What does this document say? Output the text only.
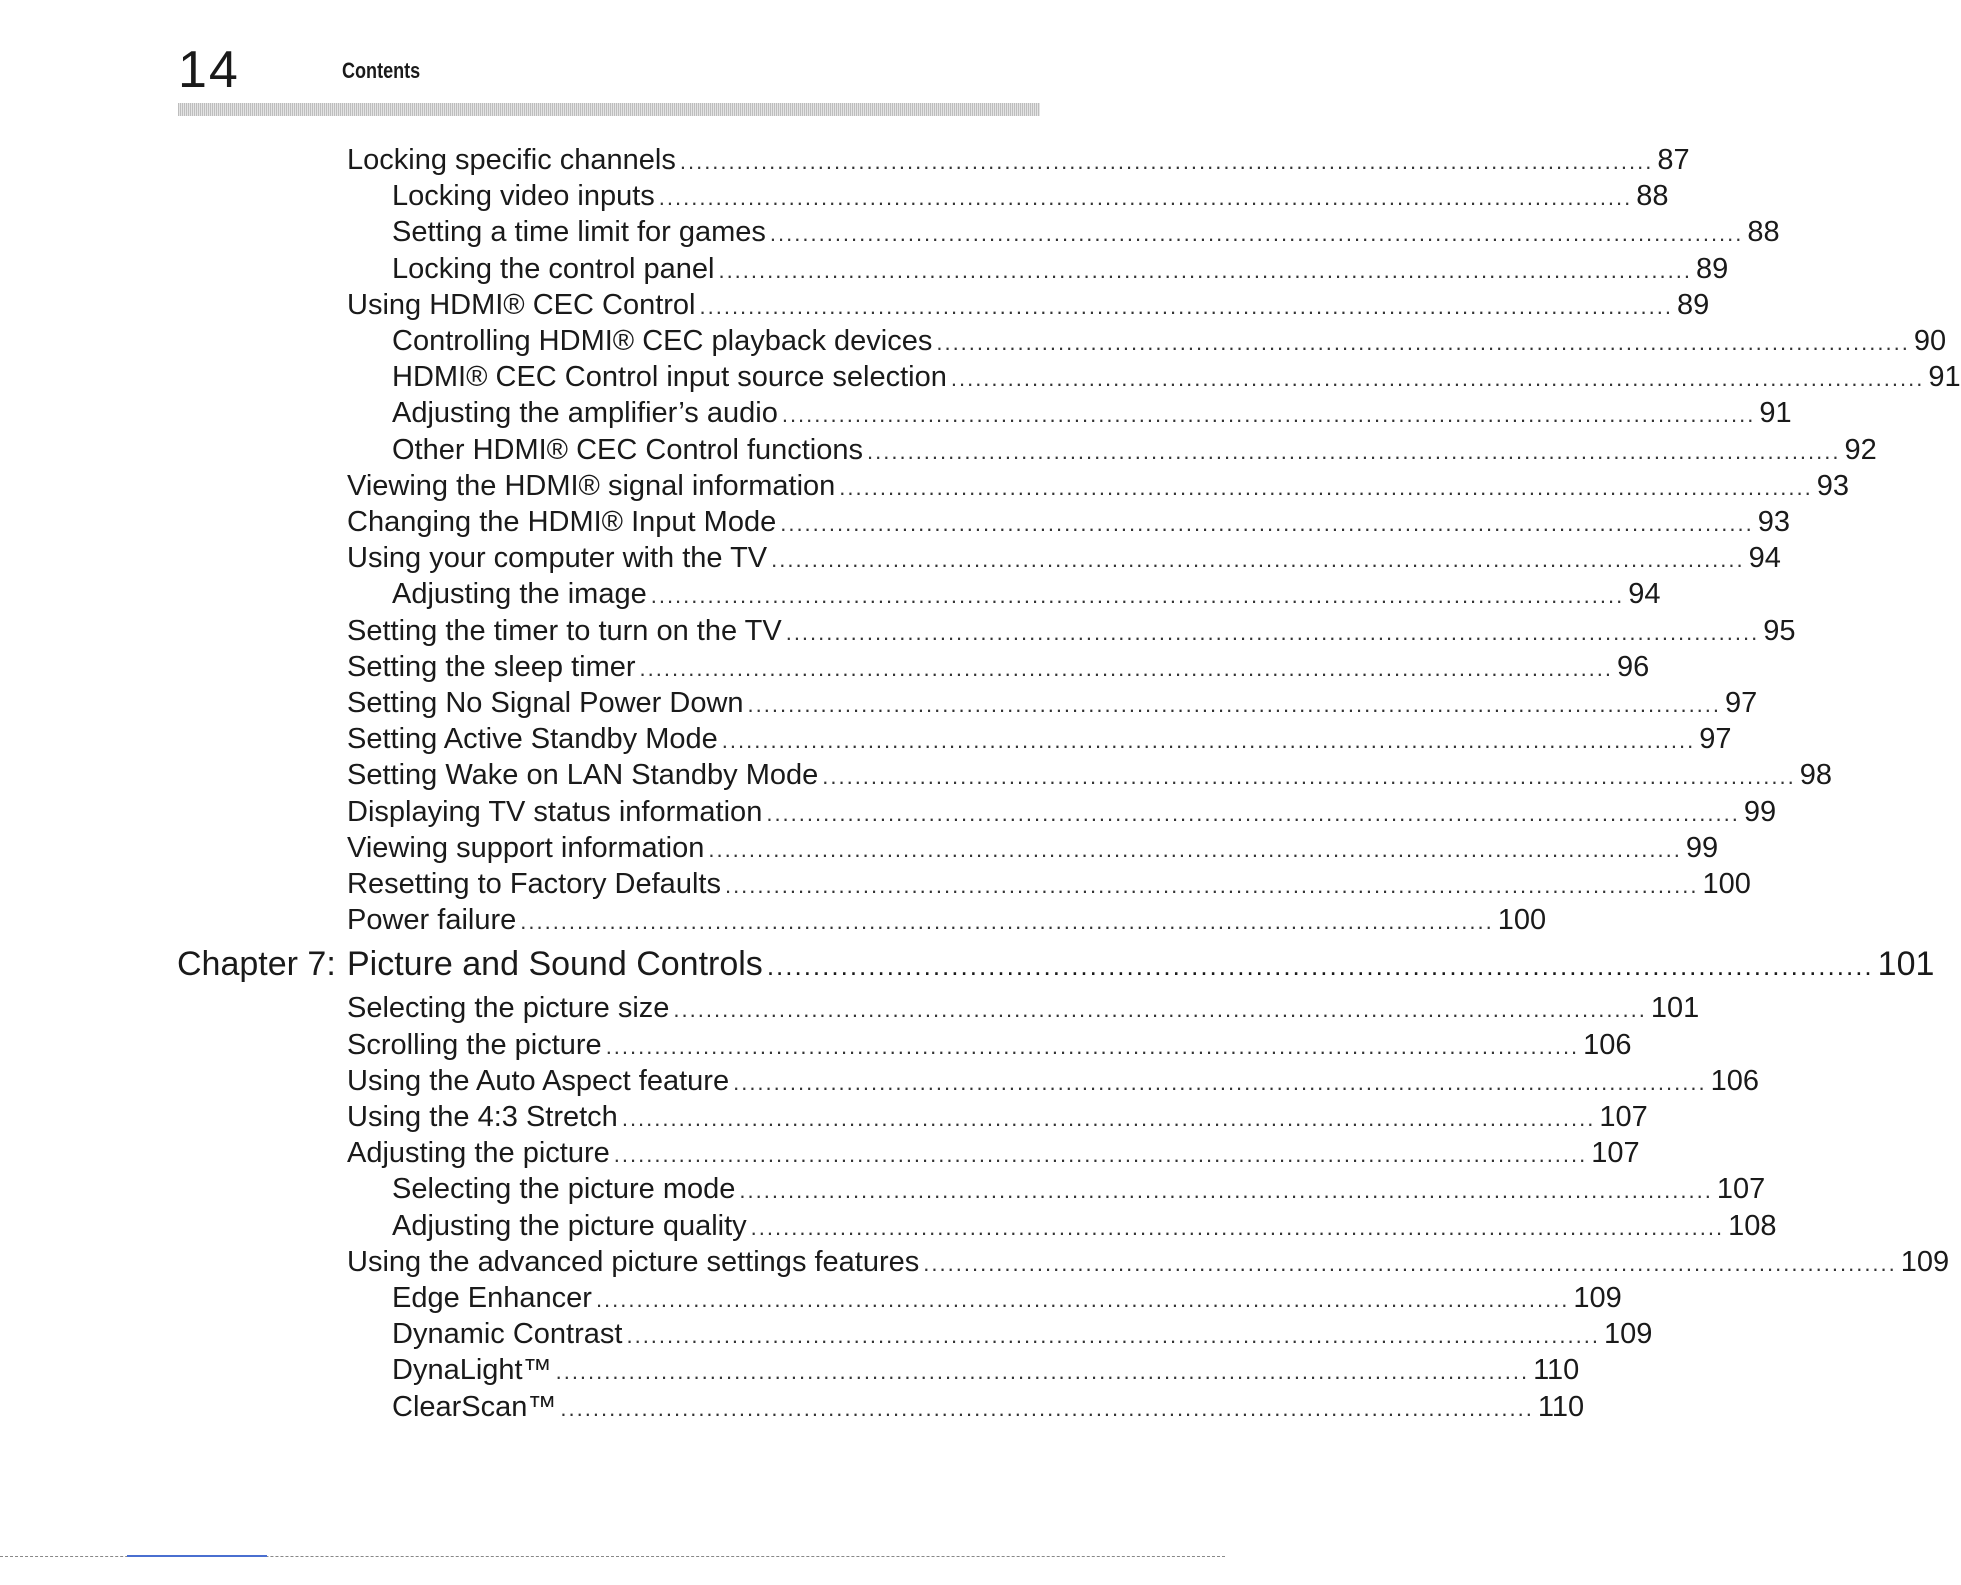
14	Contents
Locking specific channels ........................................................................................................................ 87
Locking video inputs ........................................................................................................................ 88
Setting a time limit for games ........................................................................................................................ 88
Locking the control panel ........................................................................................................................ 89
Using HDMI® CEC Control ........................................................................................................................ 89
Controlling HDMI® CEC playback devices ........................................................................................................................ 90
HDMI® CEC Control input source selection ........................................................................................................................ 91
Adjusting the amplifier’s audio ........................................................................................................................ 91
Other HDMI® CEC Control functions ........................................................................................................................ 92
Viewing the HDMI® signal information ........................................................................................................................ 93
Changing the HDMI® Input Mode ........................................................................................................................ 93
Using your computer with the TV ........................................................................................................................ 94
Adjusting the image ........................................................................................................................ 94
Setting the timer to turn on the TV ........................................................................................................................ 95
Setting the sleep timer ........................................................................................................................ 96
Setting No Signal Power Down ........................................................................................................................ 97
Setting Active Standby Mode ........................................................................................................................ 97
Setting Wake on LAN Standby Mode ........................................................................................................................ 98
Displaying TV status information ........................................................................................................................ 99
Viewing support information ........................................................................................................................ 99
Resetting to Factory Defaults ........................................................................................................................ 100
Power failure ........................................................................................................................ 100
Chapter 7: Picture and Sound Controls ........................................................................................................................ 101
Selecting the picture size ........................................................................................................................ 101
Scrolling the picture ........................................................................................................................ 106
Using the Auto Aspect feature ........................................................................................................................ 106
Using the 4:3 Stretch ........................................................................................................................ 107
Adjusting the picture ........................................................................................................................ 107
Selecting the picture mode ........................................................................................................................ 107
Adjusting the picture quality ........................................................................................................................ 108
Using the advanced picture settings features ........................................................................................................................ 109
Edge Enhancer ........................................................................................................................ 109
Dynamic Contrast ........................................................................................................................ 109
DynaLight™ ........................................................................................................................ 110
ClearScan™ ........................................................................................................................ 110
